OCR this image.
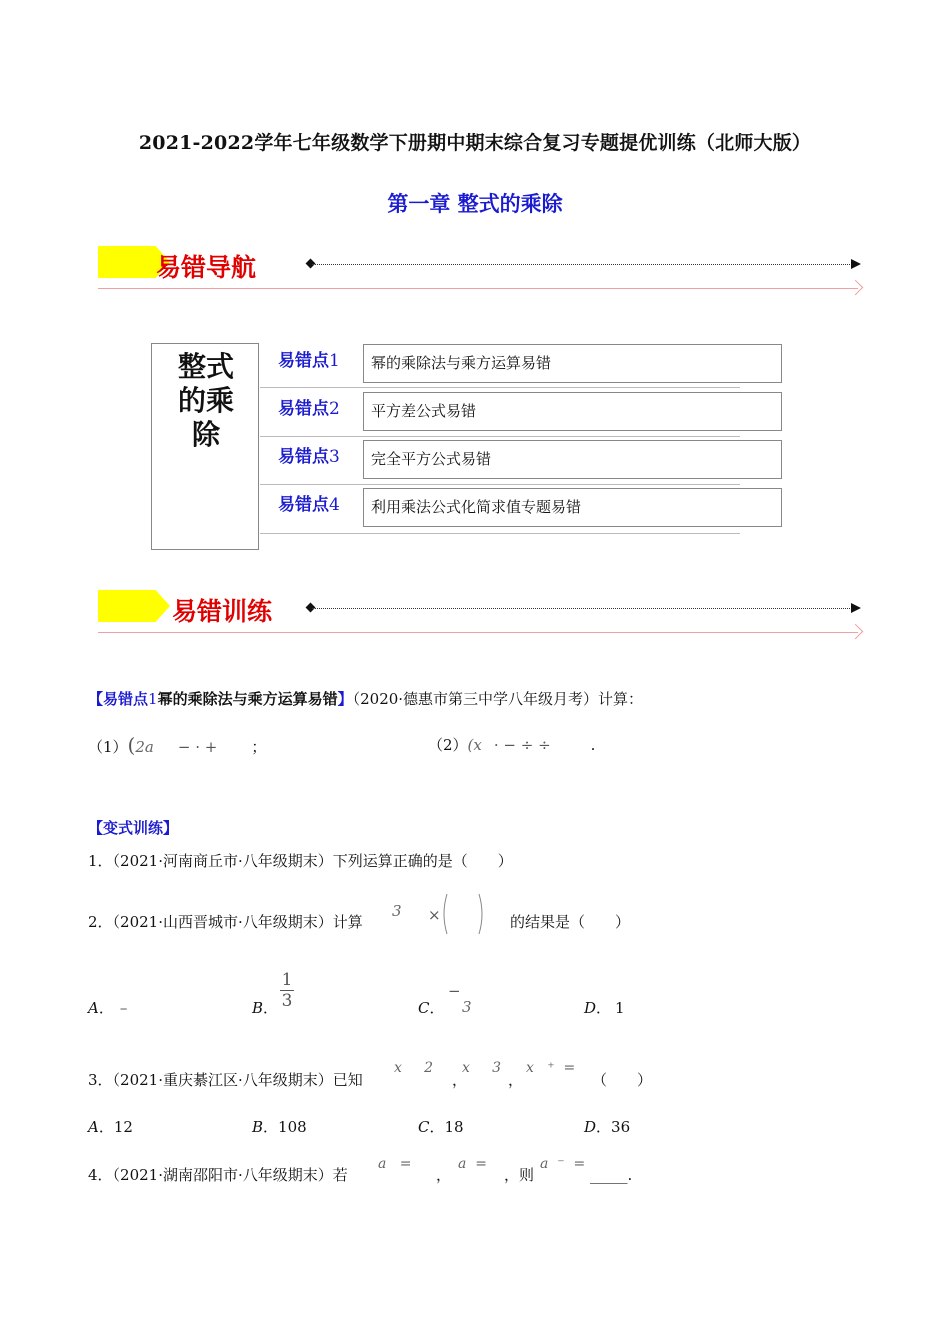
2021-2022学年七年级数学下册期中期末综合复习专题提优训练（北师大版）
第一章 整式的乘除
易错导航
整式
的乘
除
易错点1	幂的乘除法与乘方运算易错
易错点2	平方差公式易错
易错点3	完全平方公式易错
易错点4	利用乘法公式化简求值专题易错
易错训练
【易错点1幂的乘除法与乘方运算易错】（2020·德惠市第三中学八年级月考）计算：
（1）(2a − · + ；	（2）(x · − ÷ ÷	.
【变式训练】
1．（2021·河南商丘市·八年级期末）下列运算正确的是（　　）
2．（2021·山西晋城市·八年级期末）计算
3 ×	的结果是（　　）
A． –	B．
1
3	C．
−
3	D． 1
3．（2021·重庆綦江区·八年级期末）已知
x     2
，
x     3
，
x   ⁺  =
（　　）
A．12	B．108	C．18	D．36
4．（2021·湖南邵阳市·八年级期末）若
a   =
，
a  =
，则
a  ⁻  =
_____.
